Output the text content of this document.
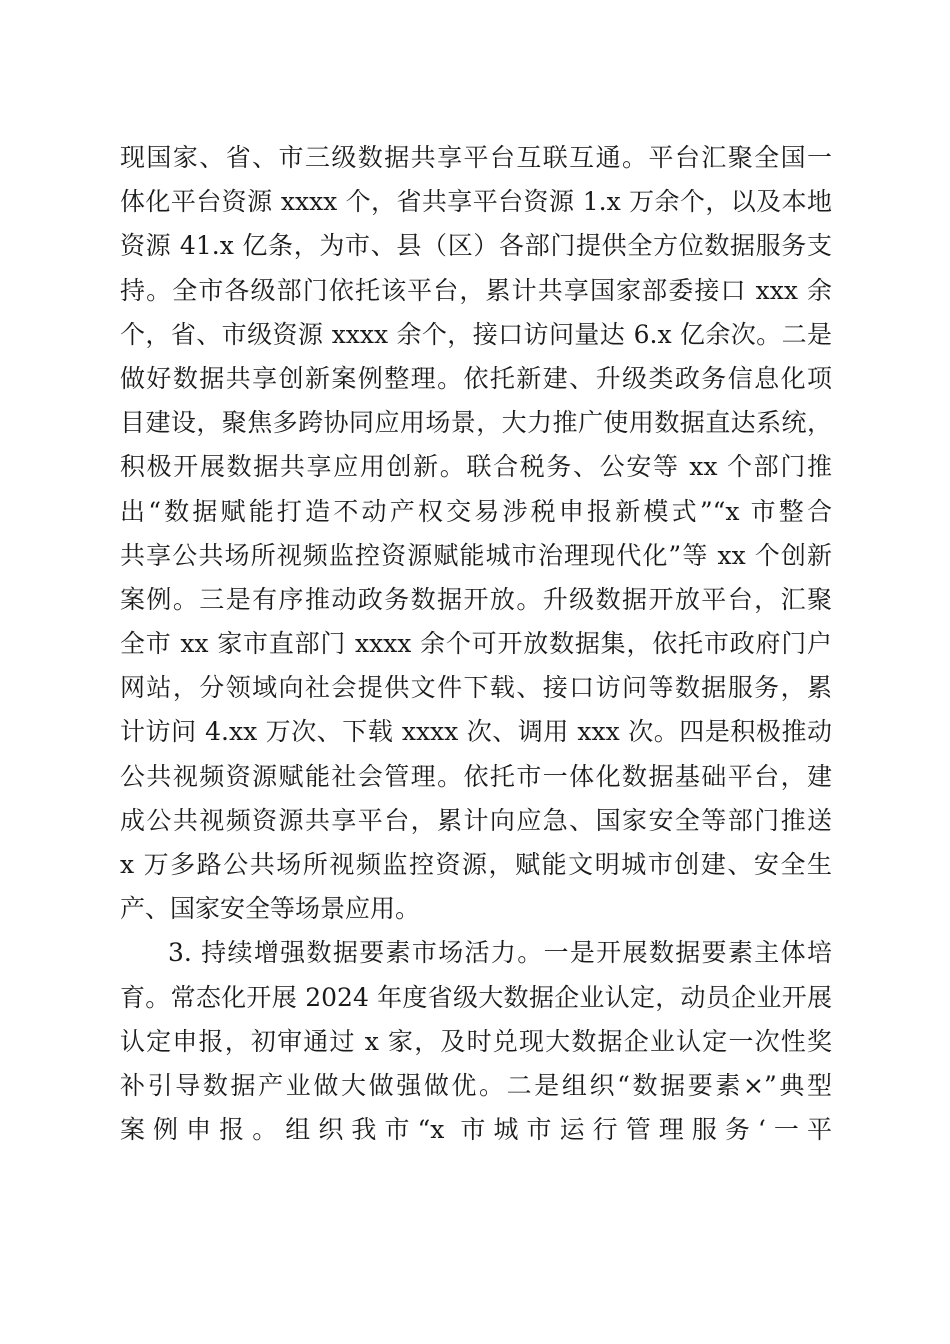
现国家、省、市三级数据共享平台互联互通。平台汇聚全国一
体化平台资源 xxxx 个，省共享平台资源 1.x 万余个，以及本地
资源 41.x 亿条，为市、县（区）各部门提供全方位数据服务支
持。全市各级部门依托该平台，累计共享国家部委接口 xxx 余
个，省、市级资源 xxxx 余个，接口访问量达 6.x 亿余次。二是
做好数据共享创新案例整理。依托新建、升级类政务信息化项
目建设，聚焦多跨协同应用场景，大力推广使用数据直达系统，
积极开展数据共享应用创新。联合税务、公安等 xx 个部门推
出“数据赋能打造不动产权交易涉税申报新模式”“x 市整合
共享公共场所视频监控资源赋能城市治理现代化”等 xx 个创新
案例。三是有序推动政务数据开放。升级数据开放平台，汇聚
全市 xx 家市直部门 xxxx 余个可开放数据集，依托市政府门户
网站，分领域向社会提供文件下载、接口访问等数据服务，累
计访问 4.xx 万次、下载 xxxx 次、调用 xxx 次。四是积极推动
公共视频资源赋能社会管理。依托市一体化数据基础平台，建
成公共视频资源共享平台，累计向应急、国家安全等部门推送
x 万多路公共场所视频监控资源，赋能文明城市创建、安全生
产、国家安全等场景应用。
3. 持续增强数据要素市场活力。一是开展数据要素主体培
育。常态化开展 2024 年度省级大数据企业认定，动员企业开展
认定申报，初审通过 x 家，及时兑现大数据企业认定一次性奖
补引导数据产业做大做强做优。二是组织“数据要素×”典型
案例申报。组织我市“x 市城市运行管理服务‘一平
